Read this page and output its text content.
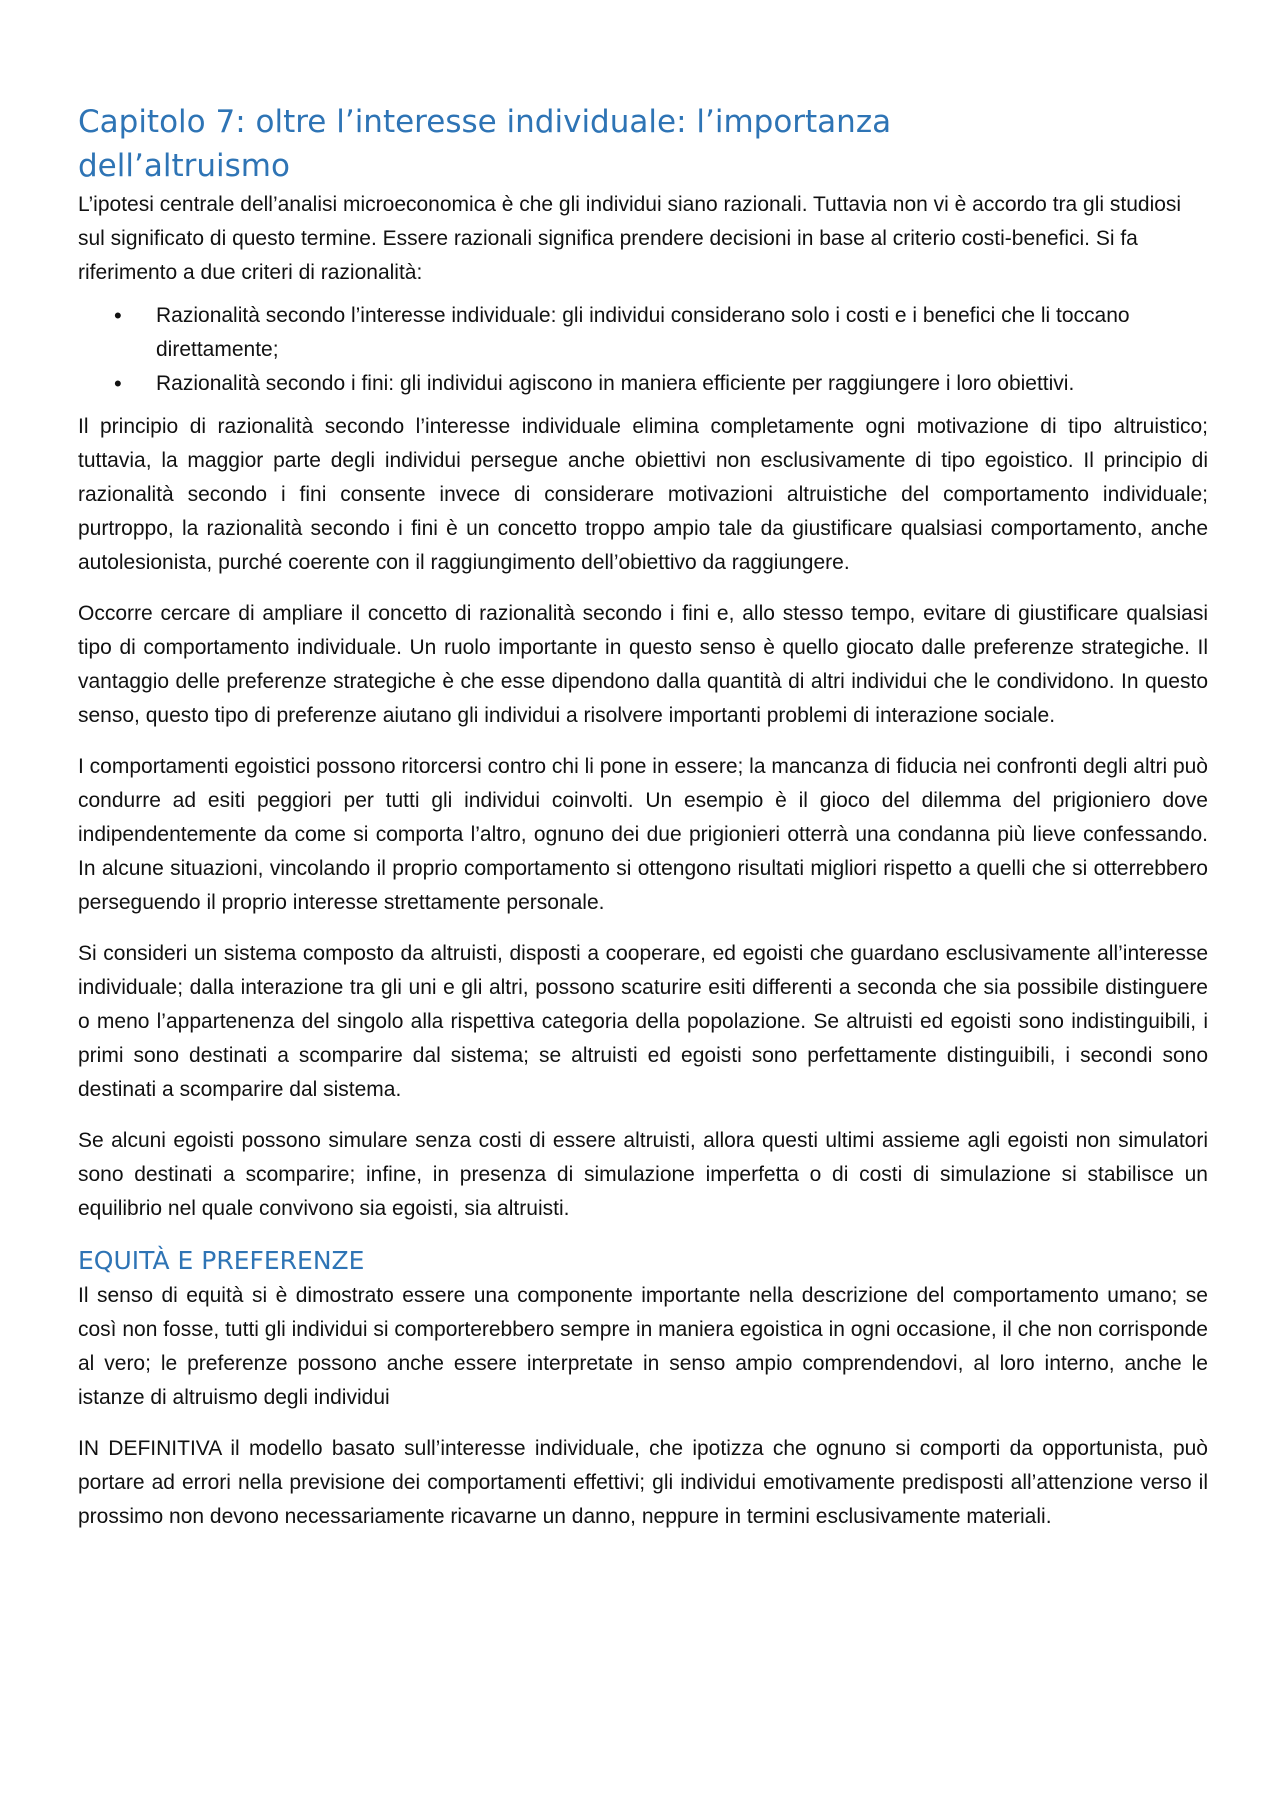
Capitolo 7: oltre l’interesse individuale: l’importanza dell’altruismo

L’ipotesi centrale dell’analisi microeconomica è che gli individui siano razionali. Tuttavia non vi è accordo tra gli studiosi sul significato di questo termine. Essere razionali significa prendere decisioni in base al criterio costi-benefici. Si fa riferimento a due criteri di razionalità:

• Razionalità secondo l’interesse individuale: gli individui considerano solo i costi e i benefici che li toccano direttamente;
• Razionalità secondo i fini: gli individui agiscono in maniera efficiente per raggiungere i loro obiettivi.

Il principio di razionalità secondo l’interesse individuale elimina completamente ogni motivazione di tipo altruistico; tuttavia, la maggior parte degli individui persegue anche obiettivi non esclusivamente di tipo egoistico. Il principio di razionalità secondo i fini consente invece di considerare motivazioni altruistiche del comportamento individuale; purtroppo, la razionalità secondo i fini è un concetto troppo ampio tale da giustificare qualsiasi comportamento, anche autolesionista, purché coerente con il raggiungimento dell’obiettivo da raggiungere.

Occorre cercare di ampliare il concetto di razionalità secondo i fini e, allo stesso tempo, evitare di giustificare qualsiasi tipo di comportamento individuale. Un ruolo importante in questo senso è quello giocato dalle preferenze strategiche. Il vantaggio delle preferenze strategiche è che esse dipendono dalla quantità di altri individui che le condividono. In questo senso, questo tipo di preferenze aiutano gli individui a risolvere importanti problemi di interazione sociale.

I comportamenti egoistici possono ritorcersi contro chi li pone in essere; la mancanza di fiducia nei confronti degli altri può condurre ad esiti peggiori per tutti gli individui coinvolti. Un esempio è il gioco del dilemma del prigioniero dove indipendentemente da come si comporta l’altro, ognuno dei due prigionieri otterrà una condanna più lieve confessando. In alcune situazioni, vincolando il proprio comportamento si ottengono risultati migliori rispetto a quelli che si otterrebbero perseguendo il proprio interesse strettamente personale.

Si consideri un sistema composto da altruisti, disposti a cooperare, ed egoisti che guardano esclusivamente all’interesse individuale; dalla interazione tra gli uni e gli altri, possono scaturire esiti differenti a seconda che sia possibile distinguere o meno l’appartenenza del singolo alla rispettiva categoria della popolazione. Se altruisti ed egoisti sono indistinguibili, i primi sono destinati a scomparire dal sistema; se altruisti ed egoisti sono perfettamente distinguibili, i secondi sono destinati a scomparire dal sistema.

Se alcuni egoisti possono simulare senza costi di essere altruisti, allora questi ultimi assieme agli egoisti non simulatori sono destinati a scomparire; infine, in presenza di simulazione imperfetta o di costi di simulazione si stabilisce un equilibrio nel quale convivono sia egoisti, sia altruisti.

EQUITÀ E PREFERENZE

Il senso di equità si è dimostrato essere una componente importante nella descrizione del comportamento umano; se così non fosse, tutti gli individui si comporterebbero sempre in maniera egoistica in ogni occasione, il che non corrisponde al vero; le preferenze possono anche essere interpretate in senso ampio comprendendovi, al loro interno, anche le istanze di altruismo degli individui

IN DEFINITIVA il modello basato sull’interesse individuale, che ipotizza che ognuno si comporti da opportunista, può portare ad errori nella previsione dei comportamenti effettivi; gli individui emotivamente predisposti all’attenzione verso il prossimo non devono necessariamente ricavarne un danno, neppure in termini esclusivamente materiali.
